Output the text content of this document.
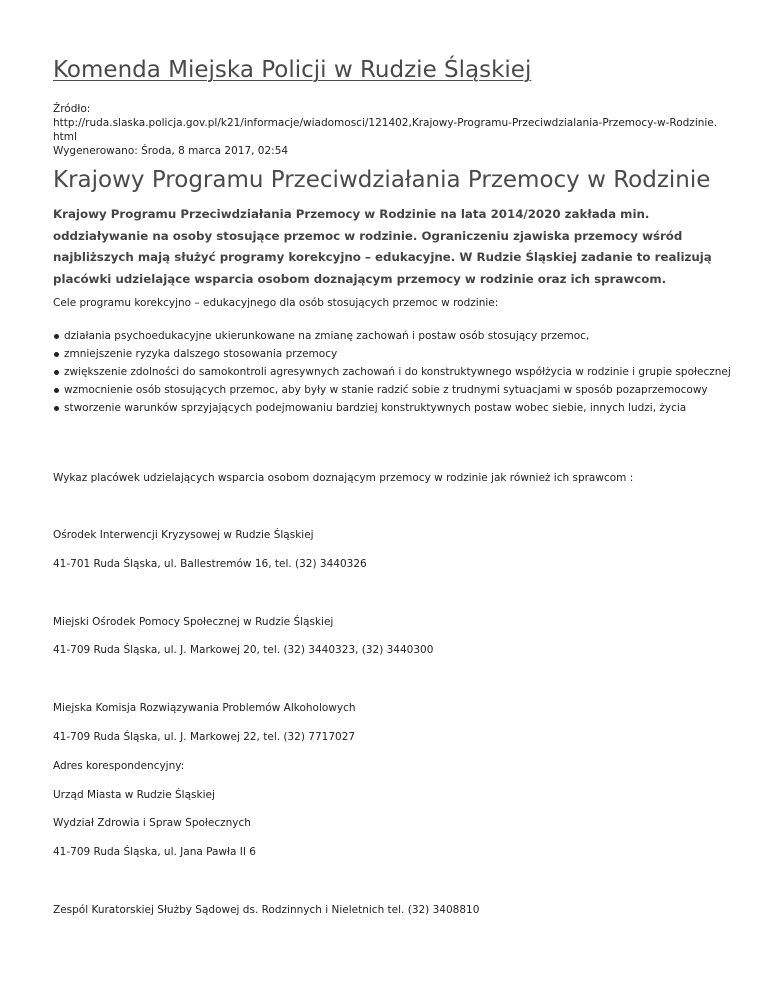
Komenda Miejska Policji w Rudzie Śląskiej
Źródło:
http://ruda.slaska.policja.gov.pl/k21/informacje/wiadomosci/121402,Krajowy-Programu-Przeciwdzialania-Przemocy-w-Rodzinie.html
Wygenerowano: Środa, 8 marca 2017, 02:54
Krajowy Programu Przeciwdziałania Przemocy w Rodzinie

Krajowy Programu Przeciwdziałania Przemocy w Rodzinie na lata 2014/2020 zakłada min. oddziaływanie na osoby stosujące przemoc w rodzinie. Ograniczeniu zjawiska przemocy wśród najbliższych mają służyć programy korekcyjno – edukacyjne. W Rudzie Śląskiej zadanie to realizują placówki udzielające wsparcia osobom doznającym przemocy w rodzinie oraz ich sprawcom.

Cele programu korekcyjno – edukacyjnego dla osób stosujących przemoc w rodzinie:

działania psychoedukacyjne ukierunkowane na zmianę zachowań i postaw osób stosujący przemoc,
zmniejszenie ryzyka dalszego stosowania przemocy
zwiększenie zdolności do samokontroli agresywnych zachowań i do konstruktywnego współżycia w rodzinie i grupie społecznej
wzmocnienie osób stosujących przemoc, aby były w stanie radzić sobie z trudnymi sytuacjami w sposób pozaprzemocowy
stworzenie warunków sprzyjających podejmowaniu bardziej konstruktywnych postaw wobec siebie, innych ludzi, życia

Wykaz placówek udzielających wsparcia osobom doznającym przemocy w rodzinie jak również ich sprawcom :

Ośrodek Interwencji Kryzysowej w Rudzie Śląskiej

41-701 Ruda Śląska, ul. Ballestremów 16, tel. (32) 3440326

Miejski Ośrodek Pomocy Społecznej w Rudzie Śląskiej

41-709 Ruda Śląska, ul. J. Markowej 20, tel. (32) 3440323, (32) 3440300

Miejska Komisja Rozwiązywania Problemów Alkoholowych

41-709 Ruda Śląska, ul. J. Markowej 22, tel. (32) 7717027

Adres korespondencyjny:

Urząd Miasta w Rudzie Śląskiej

Wydział Zdrowia i Spraw Społecznych

41-709 Ruda Śląska, ul. Jana Pawła II 6

Zespól Kuratorskiej Służby Sądowej ds. Rodzinnych i Nieletnich tel. (32) 3408810
